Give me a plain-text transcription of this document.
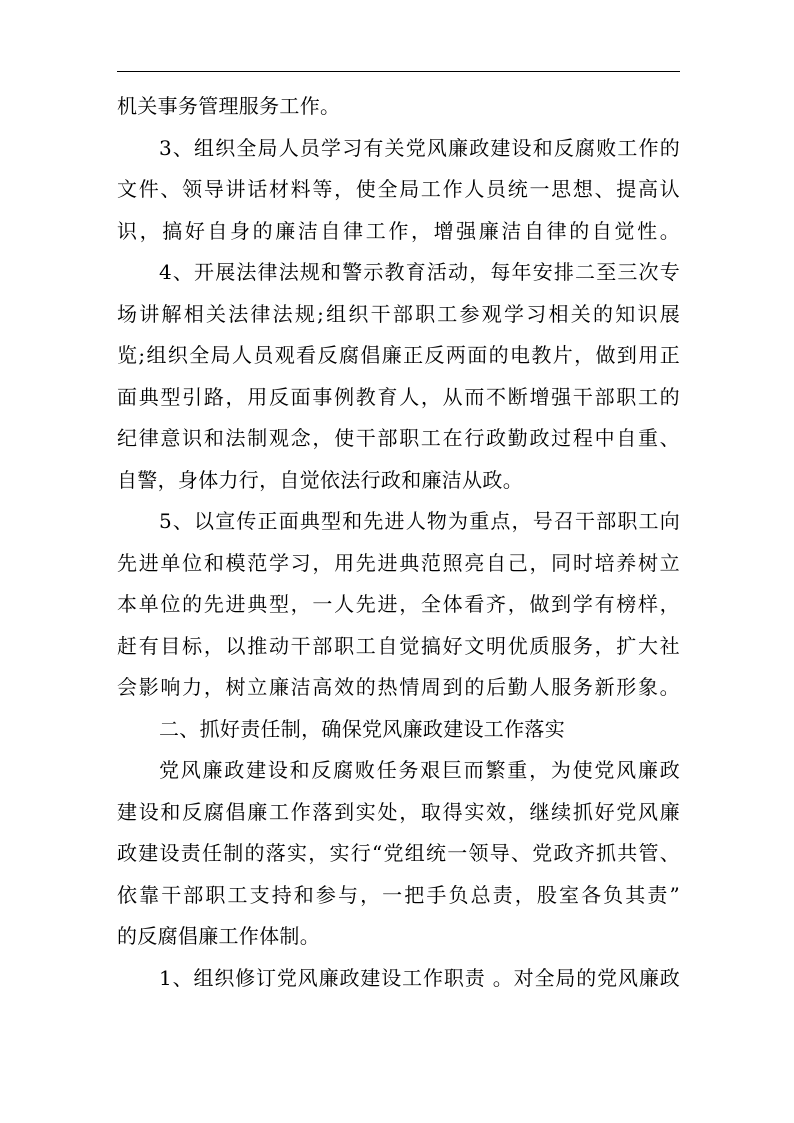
机关事务管理服务工作。
3、组织全局人员学习有关党风廉政建设和反腐败工作的
文件、领导讲话材料等，使全局工作人员统一思想、提高认
识，搞好自身的廉洁自律工作，增强廉洁自律的自觉性。
4、开展法律法规和警示教育活动，每年安排二至三次专
场讲解相关法律法规;组织干部职工参观学习相关的知识展
览;组织全局人员观看反腐倡廉正反两面的电教片，做到用正
面典型引路，用反面事例教育人，从而不断增强干部职工的
纪律意识和法制观念，使干部职工在行政勤政过程中自重、
自警，身体力行，自觉依法行政和廉洁从政。
5、以宣传正面典型和先进人物为重点，号召干部职工向
先进单位和模范学习，用先进典范照亮自己，同时培养树立
本单位的先进典型，一人先进，全体看齐，做到学有榜样，
赶有目标，以推动干部职工自觉搞好文明优质服务，扩大社
会影响力，树立廉洁高效的热情周到的后勤人服务新形象。
二、抓好责任制，确保党风廉政建设工作落实
党风廉政建设和反腐败任务艰巨而繁重，为使党风廉政
建设和反腐倡廉工作落到实处，取得实效，继续抓好党风廉
政建设责任制的落实，实行“党组统一领导、党政齐抓共管、
依靠干部职工支持和参与，一把手负总责，股室各负其责”
的反腐倡廉工作体制。
1、组织修订党风廉政建设工作职责 。对全局的党风廉政
